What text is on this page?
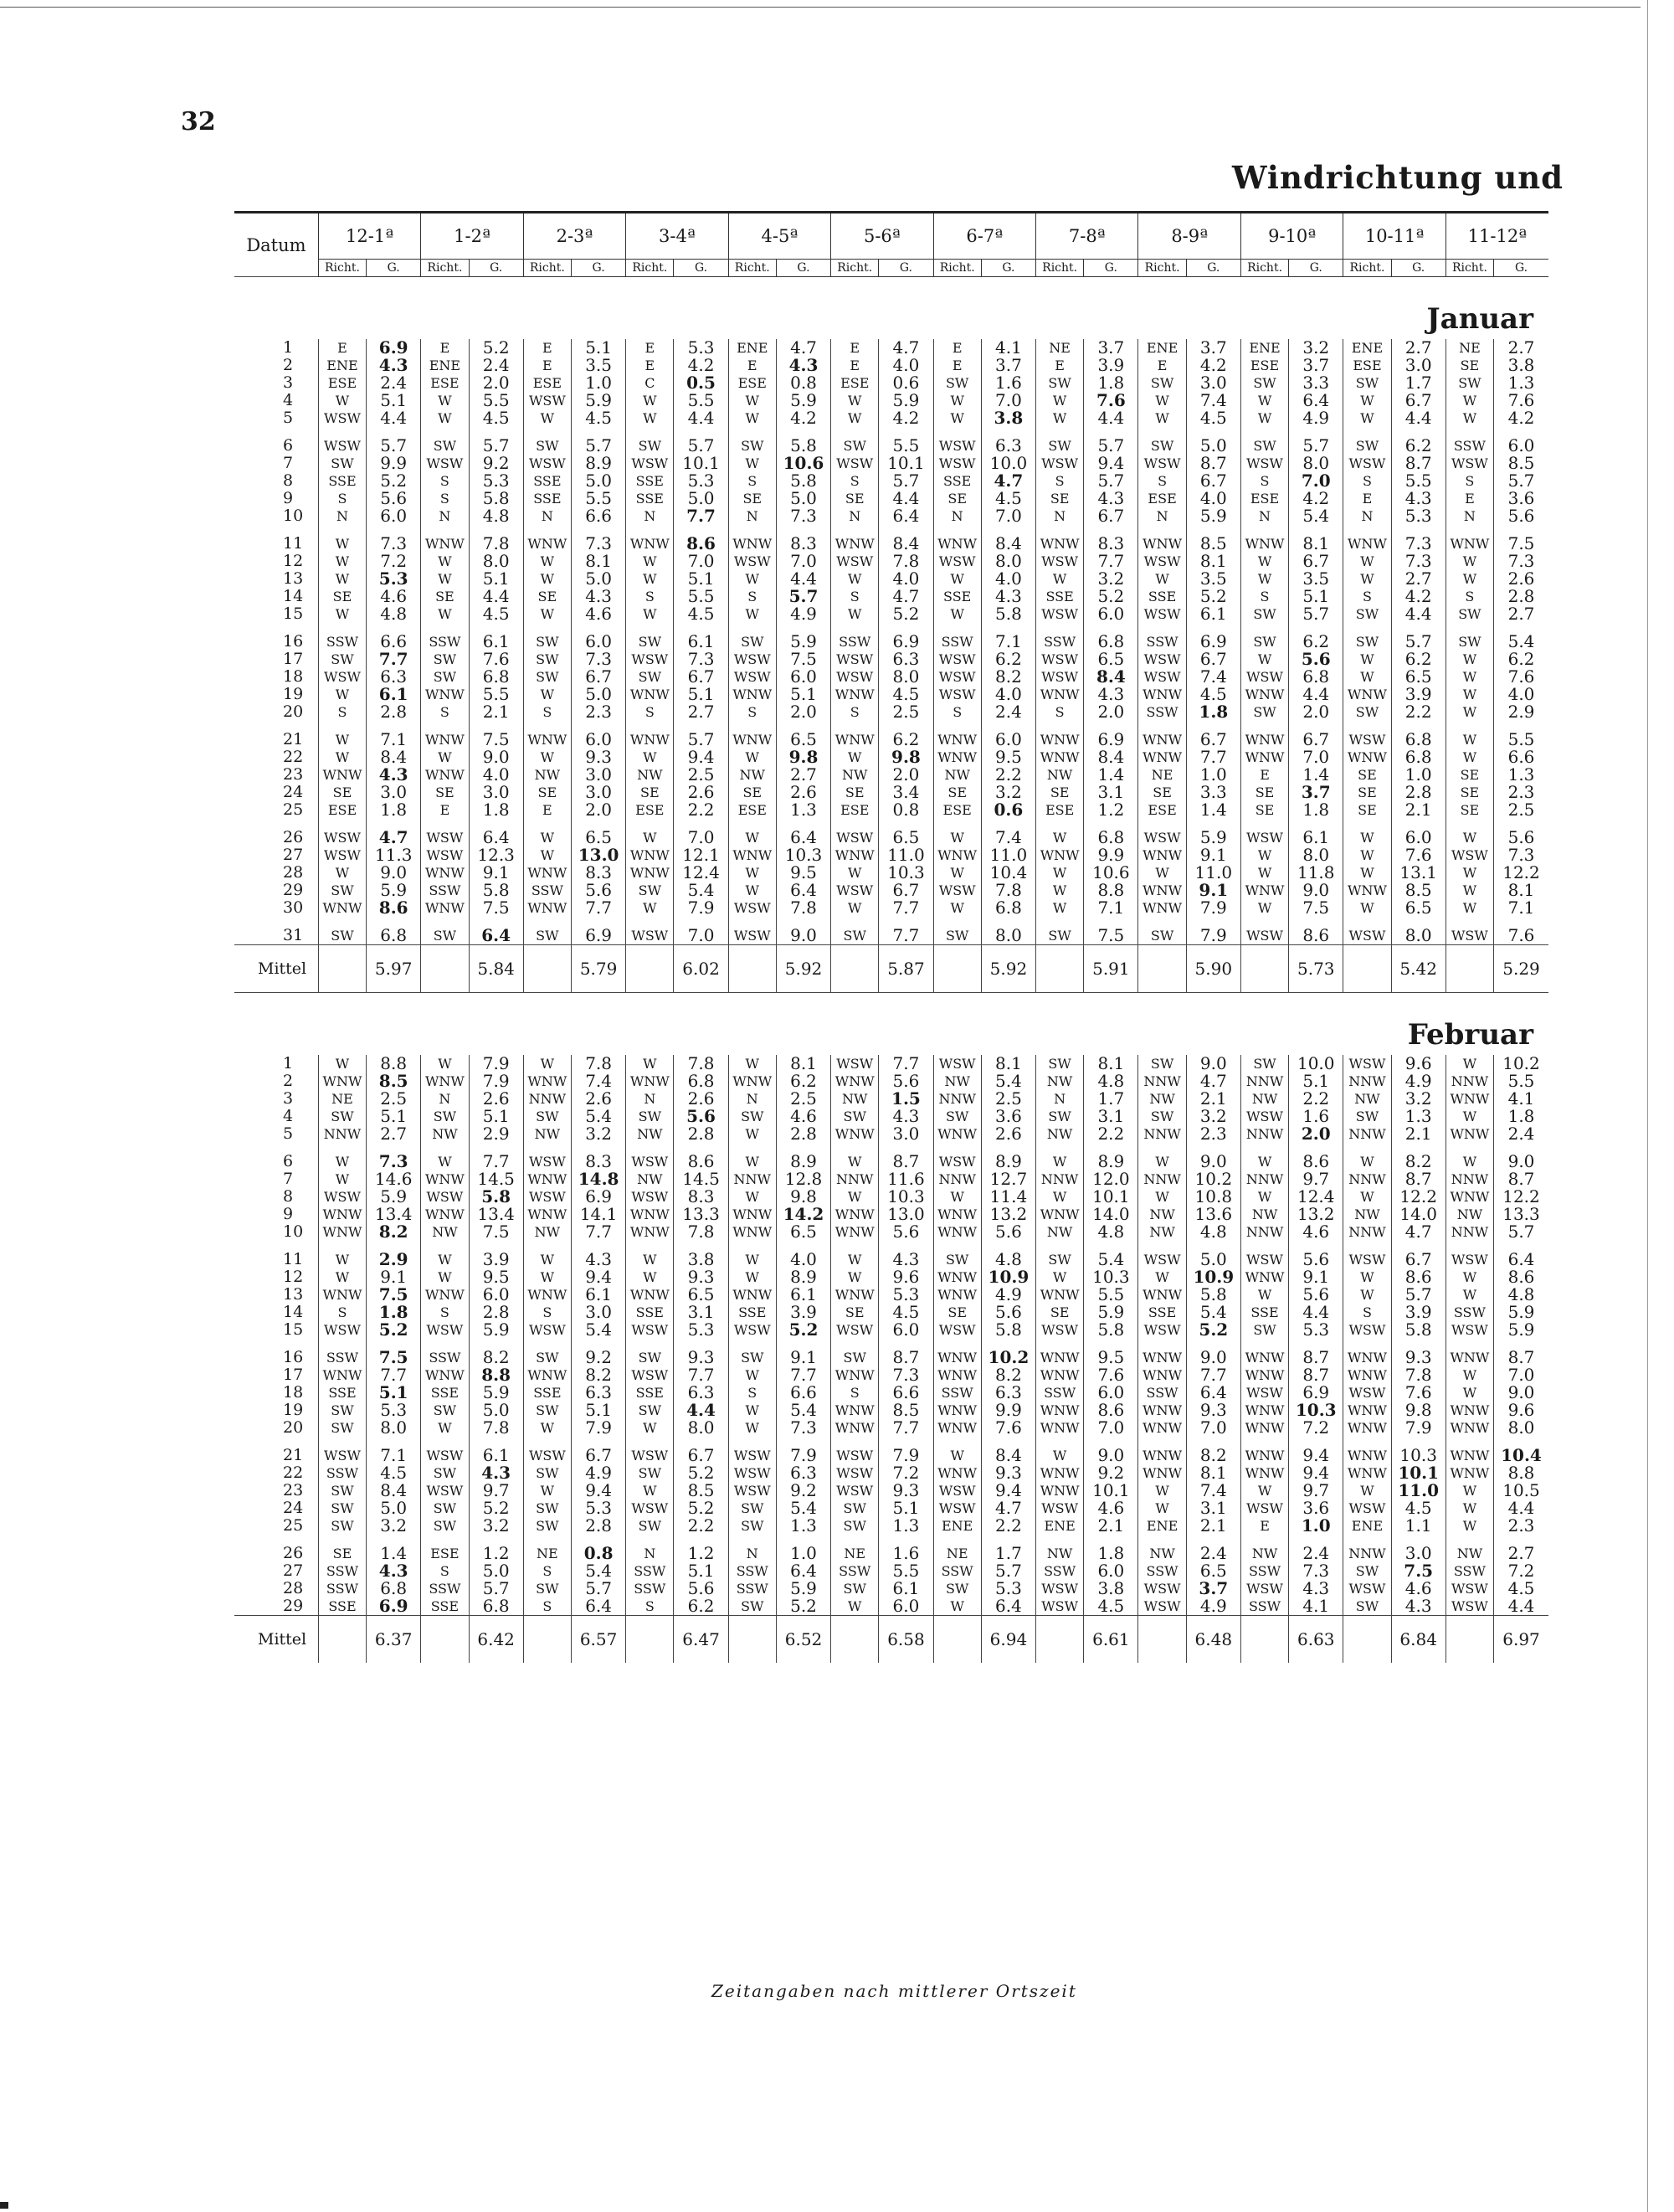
32
Windrichtung und
Datum	12-1ª		1-2ª		2-3ª		3-4ª		4-5ª		5-6ª		6-7ª		7-8ª		8-9ª		9-10ª		10-11ª		11-12ª	
	Richt.	G.	Richt.	G.	Richt.	G.	Richt.	G.	Richt.	G.	Richt.	G.	Richt.	G.	Richt.	G.	Richt.	G.	Richt.	G.	Richt.	G.	Richt.	G.
Januar																								
1	E	6.9	E	5.2	E	5.1	E	5.3	ENE	4.7	E	4.7	E	4.1	NE	3.7	ENE	3.7	ENE	3.2	ENE	2.7	NE	2.7
2	ENE	4.3	ENE	2.4	E	3.5	E	4.2	E	4.3	E	4.0	E	3.7	E	3.9	E	4.2	ESE	3.7	ESE	3.0	SE	3.8
3	ESE	2.4	ESE	2.0	ESE	1.0	C	0.5	ESE	0.8	ESE	0.6	SW	1.6	SW	1.8	SW	3.0	SW	3.3	SW	1.7	SW	1.3
4	W	5.1	W	5.5	WSW	5.9	W	5.5	W	5.9	W	5.9	W	7.0	W	7.6	W	7.4	W	6.4	W	6.7	W	7.6
5	WSW	4.4	W	4.5	W	4.5	W	4.4	W	4.2	W	4.2	W	3.8	W	4.4	W	4.5	W	4.9	W	4.4	W	4.2

6	WSW	5.7	SW	5.7	SW	5.7	SW	5.7	SW	5.8	SW	5.5	WSW	6.3	SW	5.7	SW	5.0	SW	5.7	SW	6.2	SSW	6.0
7	SW	9.9	WSW	9.2	WSW	8.9	WSW	10.1	W	10.6	WSW	10.1	WSW	10.0	WSW	9.4	WSW	8.7	WSW	8.0	WSW	8.7	WSW	8.5
8	SSE	5.2	S	5.3	SSE	5.0	SSE	5.3	S	5.8	S	5.7	SSE	4.7	S	5.7	S	6.7	S	7.0	S	5.5	S	5.7
9	S	5.6	S	5.8	SSE	5.5	SSE	5.0	SE	5.0	SE	4.4	SE	4.5	SE	4.3	ESE	4.0	ESE	4.2	E	4.3	E	3.6
10	N	6.0	N	4.8	N	6.6	N	7.7	N	7.3	N	6.4	N	7.0	N	6.7	N	5.9	N	5.4	N	5.3	N	5.6

11	W	7.3	WNW	7.8	WNW	7.3	WNW	8.6	WNW	8.3	WNW	8.4	WNW	8.4	WNW	8.3	WNW	8.5	WNW	8.1	WNW	7.3	WNW	7.5
12	W	7.2	W	8.0	W	8.1	W	7.0	WSW	7.0	WSW	7.8	WSW	8.0	WSW	7.7	WSW	8.1	W	6.7	W	7.3	W	7.3
13	W	5.3	W	5.1	W	5.0	W	5.1	W	4.4	W	4.0	W	4.0	W	3.2	W	3.5	W	3.5	W	2.7	W	2.6
14	SE	4.6	SE	4.4	SE	4.3	S	5.5	S	5.7	S	4.7	SSE	4.3	SSE	5.2	SSE	5.2	S	5.1	S	4.2	S	2.8
15	W	4.8	W	4.5	W	4.6	W	4.5	W	4.9	W	5.2	W	5.8	WSW	6.0	WSW	6.1	SW	5.7	SW	4.4	SW	2.7

16	SSW	6.6	SSW	6.1	SW	6.0	SW	6.1	SW	5.9	SSW	6.9	SSW	7.1	SSW	6.8	SSW	6.9	SW	6.2	SW	5.7	SW	5.4
17	SW	7.7	SW	7.6	SW	7.3	WSW	7.3	WSW	7.5	WSW	6.3	WSW	6.2	WSW	6.5	WSW	6.7	W	5.6	W	6.2	W	6.2
18	WSW	6.3	SW	6.8	SW	6.7	SW	6.7	WSW	6.0	WSW	8.0	WSW	8.2	WSW	8.4	WSW	7.4	WSW	6.8	W	6.5	W	7.6
19	W	6.1	WNW	5.5	W	5.0	WNW	5.1	WNW	5.1	WNW	4.5	WSW	4.0	WNW	4.3	WNW	4.5	WNW	4.4	WNW	3.9	W	4.0
20	S	2.8	S	2.1	S	2.3	S	2.7	S	2.0	S	2.5	S	2.4	S	2.0	SSW	1.8	SW	2.0	SW	2.2	W	2.9

21	W	7.1	WNW	7.5	WNW	6.0	WNW	5.7	WNW	6.5	WNW	6.2	WNW	6.0	WNW	6.9	WNW	6.7	WNW	6.7	WSW	6.8	W	5.5
22	W	8.4	W	9.0	W	9.3	W	9.4	W	9.8	W	9.8	WNW	9.5	WNW	8.4	WNW	7.7	WNW	7.0	WNW	6.8	W	6.6
23	WNW	4.3	WNW	4.0	NW	3.0	NW	2.5	NW	2.7	NW	2.0	NW	2.2	NW	1.4	NE	1.0	E	1.4	SE	1.0	SE	1.3
24	SE	3.0	SE	3.0	SE	3.0	SE	2.6	SE	2.6	SE	3.4	SE	3.2	SE	3.1	SE	3.3	SE	3.7	SE	2.8	SE	2.3
25	ESE	1.8	E	1.8	E	2.0	ESE	2.2	ESE	1.3	ESE	0.8	ESE	0.6	ESE	1.2	ESE	1.4	SE	1.8	SE	2.1	SE	2.5

26	WSW	4.7	WSW	6.4	W	6.5	W	7.0	W	6.4	WSW	6.5	W	7.4	W	6.8	WSW	5.9	WSW	6.1	W	6.0	W	5.6
27	WSW	11.3	WSW	12.3	W	13.0	WNW	12.1	WNW	10.3	WNW	11.0	WNW	11.0	WNW	9.9	WNW	9.1	W	8.0	W	7.6	WSW	7.3
28	W	9.0	WNW	9.1	WNW	8.3	WNW	12.4	W	9.5	W	10.3	W	10.4	W	10.6	W	11.0	W	11.8	W	13.1	W	12.2
29	SW	5.9	SSW	5.8	SSW	5.6	SW	5.4	W	6.4	WSW	6.7	WSW	7.8	W	8.8	WNW	9.1	WNW	9.0	WNW	8.5	W	8.1
30	WNW	8.6	WNW	7.5	WNW	7.7	W	7.9	WSW	7.8	W	7.7	W	6.8	W	7.1	WNW	7.9	W	7.5	W	6.5	W	7.1

31	SW	6.8	SW	6.4	SW	6.9	WSW	7.0	WSW	9.0	SW	7.7	SW	8.0	SW	7.5	SW	7.9	WSW	8.6	WSW	8.0	WSW	7.6
Mittel		5.97		5.84		5.79		6.02		5.92		5.87		5.92		5.91		5.90		5.73		5.42		5.29
Februar																								
1	W	8.8	W	7.9	W	7.8	W	7.8	W	8.1	WSW	7.7	WSW	8.1	SW	8.1	SW	9.0	SW	10.0	WSW	9.6	W	10.2
2	WNW	8.5	WNW	7.9	WNW	7.4	WNW	6.8	WNW	6.2	WNW	5.6	NW	5.4	NW	4.8	NNW	4.7	NNW	5.1	NNW	4.9	NNW	5.5
3	NE	2.5	N	2.6	NNW	2.6	N	2.6	N	2.5	NW	1.5	NNW	2.5	N	1.7	NW	2.1	NW	2.2	NW	3.2	WNW	4.1
4	SW	5.1	SW	5.1	SW	5.4	SW	5.6	SW	4.6	SW	4.3	SW	3.6	SW	3.1	SW	3.2	WSW	1.6	SW	1.3	W	1.8
5	NNW	2.7	NW	2.9	NW	3.2	NW	2.8	W	2.8	WNW	3.0	WNW	2.6	NW	2.2	NNW	2.3	NNW	2.0	NNW	2.1	WNW	2.4

6	W	7.3	W	7.7	WSW	8.3	WSW	8.6	W	8.9	W	8.7	WSW	8.9	W	8.9	W	9.0	W	8.6	W	8.2	W	9.0
7	W	14.6	WNW	14.5	WNW	14.8	NW	14.5	NNW	12.8	NNW	11.6	NNW	12.7	NNW	12.0	NNW	10.2	NNW	9.7	NNW	8.7	NNW	8.7
8	WSW	5.9	WSW	5.8	WSW	6.9	WSW	8.3	W	9.8	W	10.3	W	11.4	W	10.1	W	10.8	W	12.4	W	12.2	WNW	12.2
9	WNW	13.4	WNW	13.4	WNW	14.1	WNW	13.3	WNW	14.2	WNW	13.0	WNW	13.2	WNW	14.0	NW	13.6	NW	13.2	NW	14.0	NW	13.3
10	WNW	8.2	NW	7.5	NW	7.7	WNW	7.8	WNW	6.5	WNW	5.6	WNW	5.6	NW	4.8	NW	4.8	NNW	4.6	NNW	4.7	NNW	5.7

11	W	2.9	W	3.9	W	4.3	W	3.8	W	4.0	W	4.3	SW	4.8	SW	5.4	WSW	5.0	WSW	5.6	WSW	6.7	WSW	6.4
12	W	9.1	W	9.5	W	9.4	W	9.3	W	8.9	W	9.6	WNW	10.9	W	10.3	W	10.9	WNW	9.1	W	8.6	W	8.6
13	WNW	7.5	WNW	6.0	WNW	6.1	WNW	6.5	WNW	6.1	WNW	5.3	WNW	4.9	WNW	5.5	WNW	5.8	W	5.6	W	5.7	W	4.8
14	S	1.8	S	2.8	S	3.0	SSE	3.1	SSE	3.9	SE	4.5	SE	5.6	SE	5.9	SSE	5.4	SSE	4.4	S	3.9	SSW	5.9
15	WSW	5.2	WSW	5.9	WSW	5.4	WSW	5.3	WSW	5.2	WSW	6.0	WSW	5.8	WSW	5.8	WSW	5.2	SW	5.3	WSW	5.8	WSW	5.9

16	SSW	7.5	SSW	8.2	SW	9.2	SW	9.3	SW	9.1	SW	8.7	WNW	10.2	WNW	9.5	WNW	9.0	WNW	8.7	WNW	9.3	WNW	8.7
17	WNW	7.7	WNW	8.8	WNW	8.2	WSW	7.7	W	7.7	WNW	7.3	WNW	8.2	WNW	7.6	WNW	7.7	WNW	8.7	WNW	7.8	W	7.0
18	SSE	5.1	SSE	5.9	SSE	6.3	SSE	6.3	S	6.6	S	6.6	SSW	6.3	SSW	6.0	SSW	6.4	WSW	6.9	WSW	7.6	W	9.0
19	SW	5.3	SW	5.0	SW	5.1	SW	4.4	W	5.4	WNW	8.5	WNW	9.9	WNW	8.6	WNW	9.3	WNW	10.3	WNW	9.8	WNW	9.6
20	SW	8.0	W	7.8	W	7.9	W	8.0	W	7.3	WNW	7.7	WNW	7.6	WNW	7.0	WNW	7.0	WNW	7.2	WNW	7.9	WNW	8.0

21	WSW	7.1	WSW	6.1	WSW	6.7	WSW	6.7	WSW	7.9	WSW	7.9	W	8.4	W	9.0	WNW	8.2	WNW	9.4	WNW	10.3	WNW	10.4
22	SSW	4.5	SW	4.3	SW	4.9	SW	5.2	WSW	6.3	WSW	7.2	WNW	9.3	WNW	9.2	WNW	8.1	WNW	9.4	WNW	10.1	WNW	8.8
23	SW	8.4	WSW	9.7	W	9.4	W	8.5	WSW	9.2	WSW	9.3	WSW	9.4	WNW	10.1	W	7.4	W	9.7	W	11.0	W	10.5
24	SW	5.0	SW	5.2	SW	5.3	WSW	5.2	SW	5.4	SW	5.1	WSW	4.7	WSW	4.6	W	3.1	WSW	3.6	WSW	4.5	W	4.4
25	SW	3.2	SW	3.2	SW	2.8	SW	2.2	SW	1.3	SW	1.3	ENE	2.2	ENE	2.1	ENE	2.1	E	1.0	ENE	1.1	W	2.3

26	SE	1.4	ESE	1.2	NE	0.8	N	1.2	N	1.0	NE	1.6	NE	1.7	NW	1.8	NW	2.4	NW	2.4	NNW	3.0	NW	2.7
27	SSW	4.3	S	5.0	S	5.4	SSW	5.1	SSW	6.4	SSW	5.5	SSW	5.7	SSW	6.0	SSW	6.5	SSW	7.3	SW	7.5	SSW	7.2
28	SSW	6.8	SSW	5.7	SW	5.7	SSW	5.6	SSW	5.9	SW	6.1	SW	5.3	WSW	3.8	WSW	3.7	WSW	4.3	WSW	4.6	WSW	4.5
29	SSE	6.9	SSE	6.8	S	6.4	S	6.2	SW	5.2	W	6.0	W	6.4	WSW	4.5	WSW	4.9	SSW	4.1	SW	4.3	WSW	4.4
Mittel		6.37		6.42		6.57		6.47		6.52		6.58		6.94		6.61		6.48		6.63		6.84		6.97
Zeitangaben nach mittlerer Ortszeit
